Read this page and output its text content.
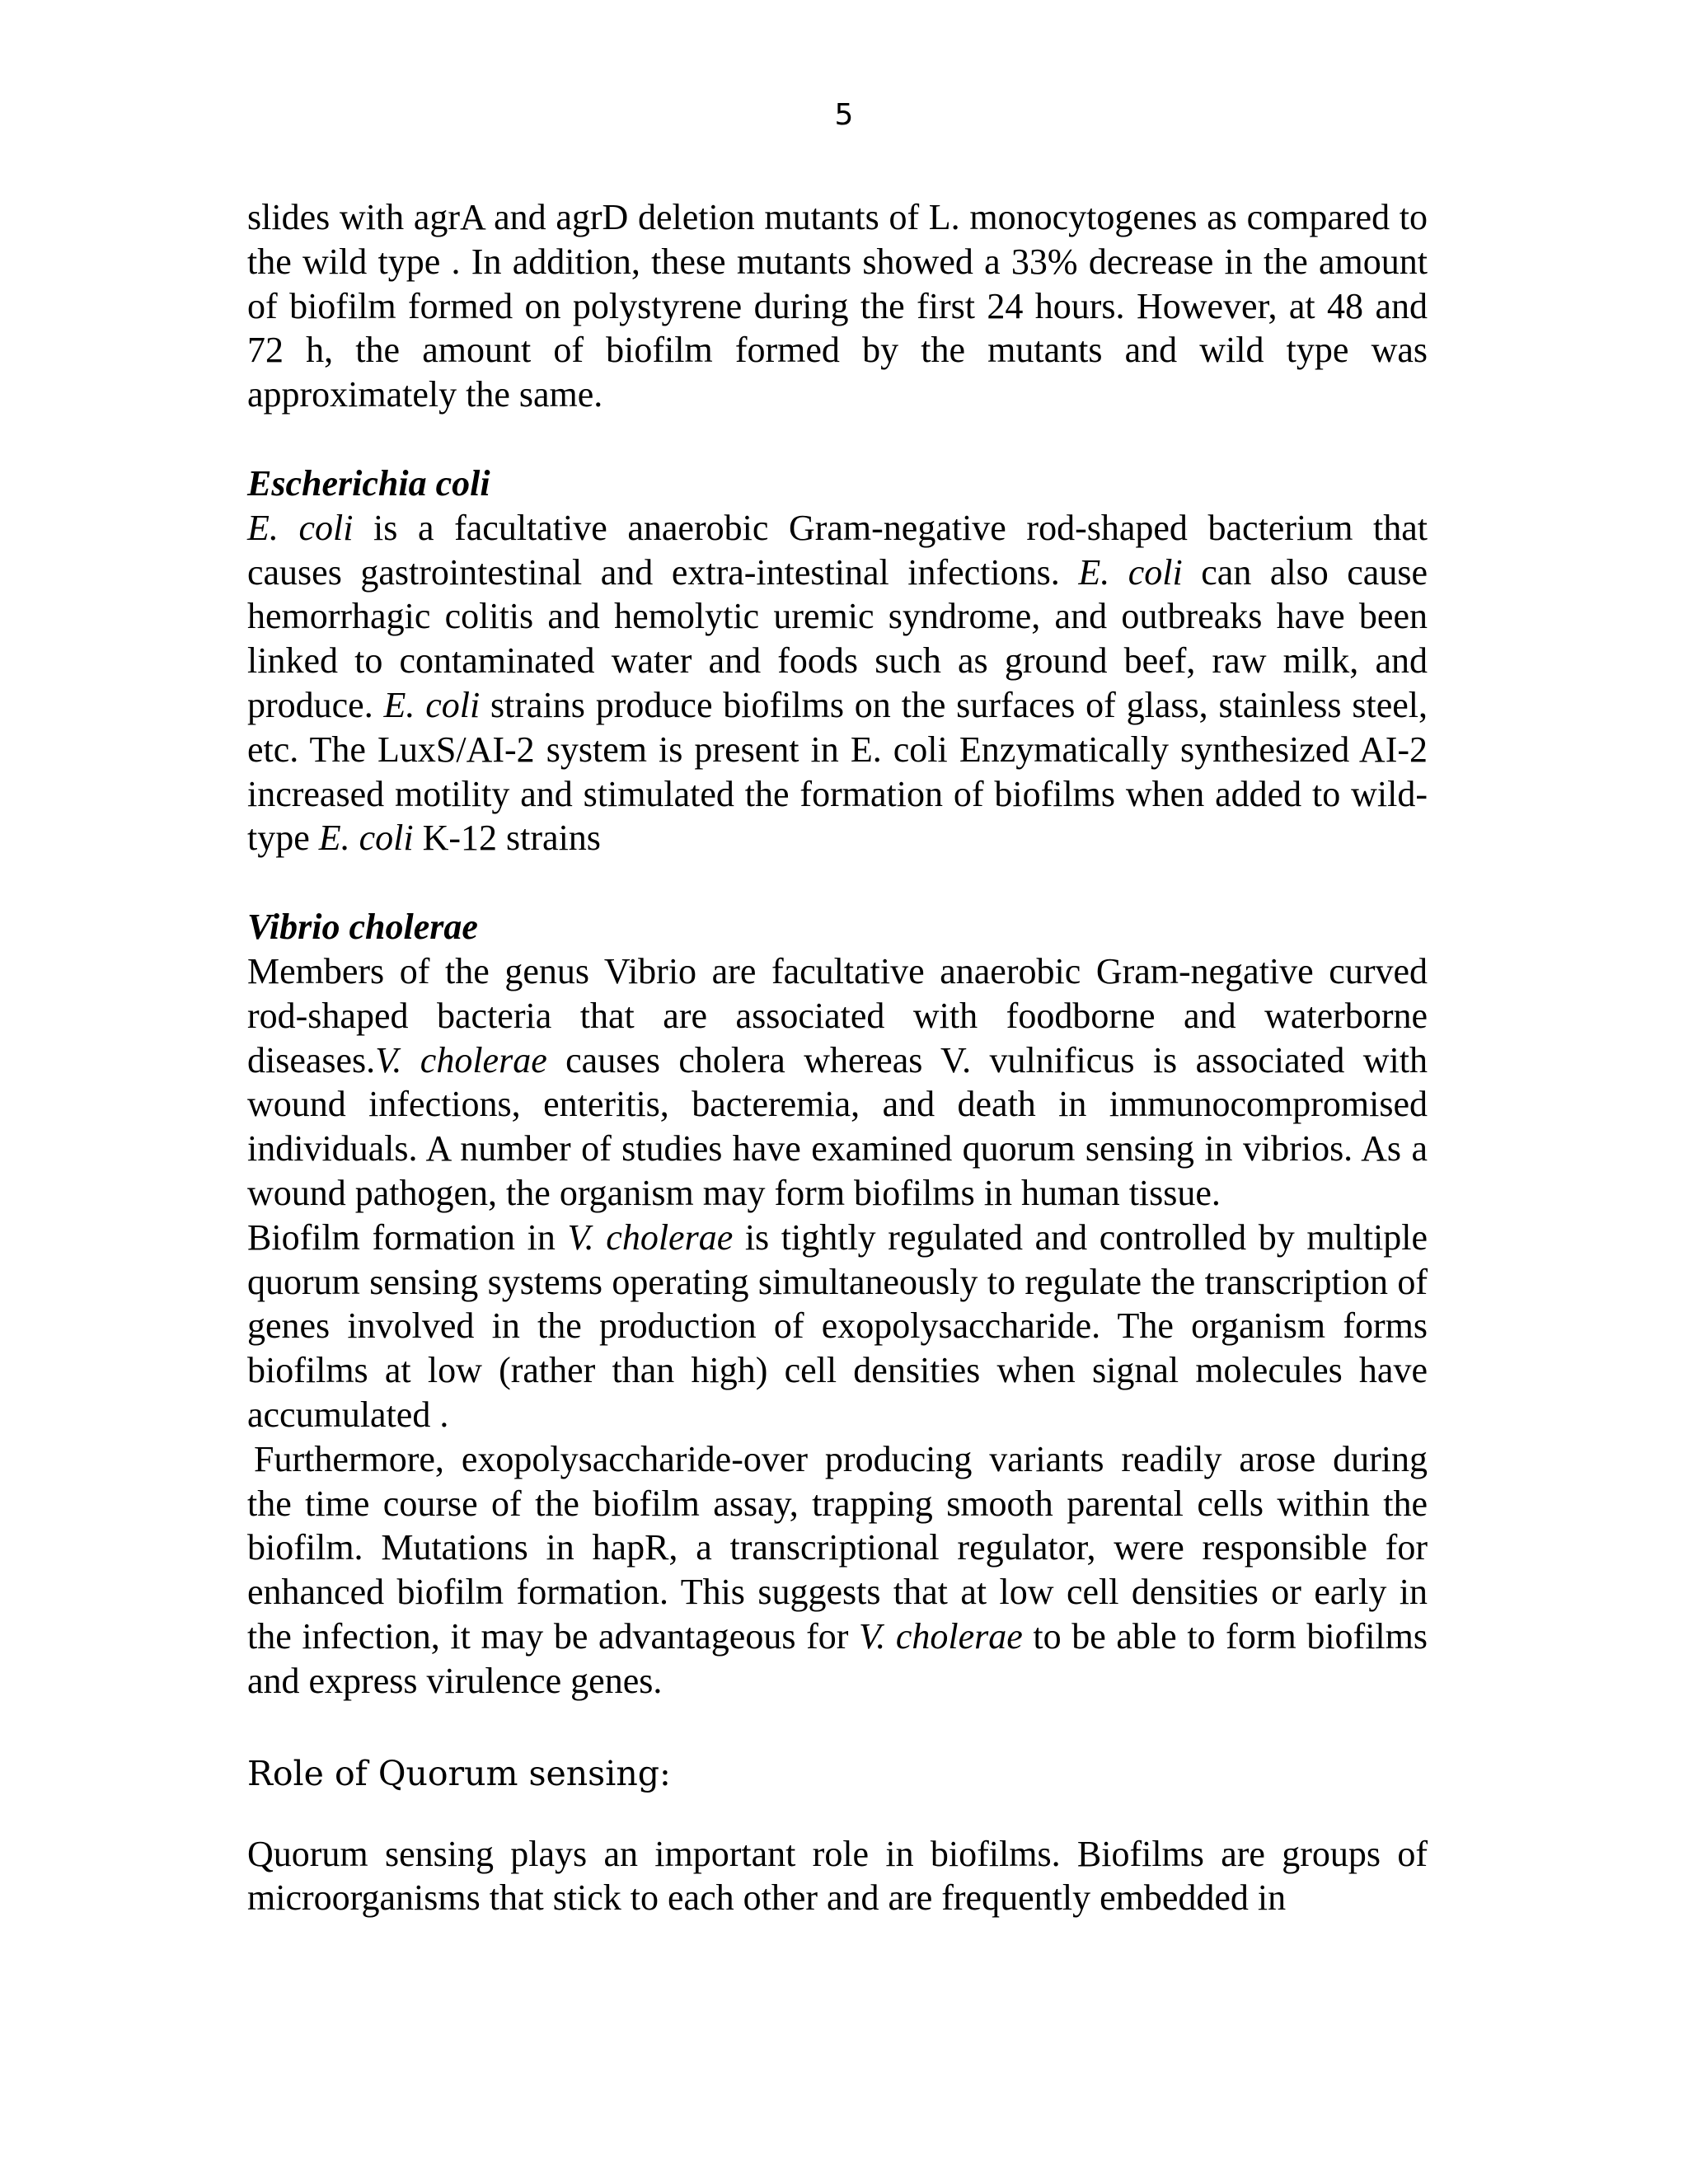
5

slides with agrA and agrD deletion mutants of L. monocytogenes as compared to the wild type . In addition, these mutants showed a 33% decrease in the amount of biofilm formed on polystyrene during the first 24 hours. However, at 48 and 72 h, the amount of biofilm formed by the mutants and wild type was approximately the same.

Escherichia coli

E. coli is a facultative anaerobic Gram-negative rod-shaped bacterium that causes gastrointestinal and extra-intestinal infections. E. coli can also cause hemorrhagic colitis and hemolytic uremic syndrome, and outbreaks have been linked to contaminated water and foods such as ground beef, raw milk, and produce. E. coli strains produce biofilms on the surfaces of glass, stainless steel, etc. The LuxS/AI-2 system is present in E. coli Enzymatically synthesized AI-2 increased motility and stimulated the formation of biofilms when added to wild-type E. coli K-12 strains

Vibrio cholerae

Members of the genus Vibrio are facultative anaerobic Gram-negative curved rod-shaped bacteria that are associated with foodborne and waterborne diseases.V. cholerae causes cholera whereas V. vulnificus is associated with wound infections, enteritis, bacteremia, and death in immunocompromised individuals. A number of studies have examined quorum sensing in vibrios. As a wound pathogen, the organism may form biofilms in human tissue.

Biofilm formation in V. cholerae is tightly regulated and controlled by multiple quorum sensing systems operating simultaneously to regulate the transcription of genes involved in the production of exopolysaccharide. The organism forms biofilms at low (rather than high) cell densities when signal molecules have accumulated .

Furthermore, exopolysaccharide-over producing variants readily arose during the time course of the biofilm assay, trapping smooth parental cells within the biofilm. Mutations in hapR, a transcriptional regulator, were responsible for enhanced biofilm formation. This suggests that at low cell densities or early in the infection, it may be advantageous for V. cholerae to be able to form biofilms and express virulence genes.

Role of Quorum sensing:

Quorum sensing plays an important role in biofilms. Biofilms are groups of microorganisms that stick to each other and are frequently embedded in
